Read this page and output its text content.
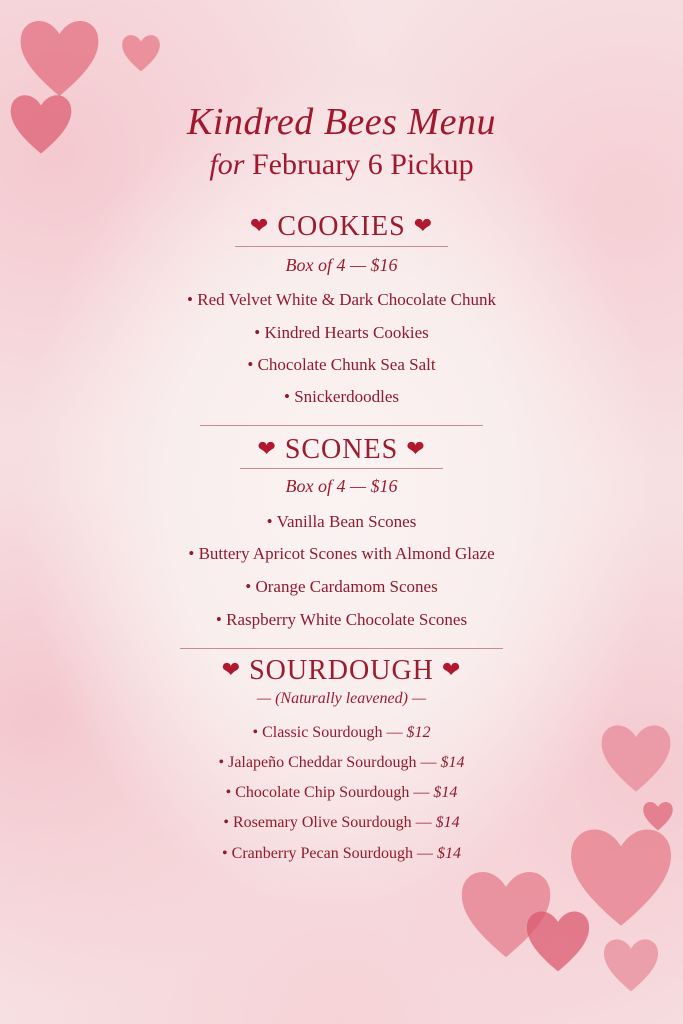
Kindred Bees Menu
for February 6 Pickup
❤ COOKIES ❤
Box of 4 — $16
• Red Velvet White & Dark Chocolate Chunk
• Kindred Hearts Cookies
• Chocolate Chunk Sea Salt
• Snickerdoodles
❤ SCONES ❤
Box of 4 — $16
• Vanilla Bean Scones
• Buttery Apricot Scones with Almond Glaze
• Orange Cardamom Scones
• Raspberry White Chocolate Scones
❤ SOURDOUGH ❤
— (Naturally leavened) —
• Classic Sourdough — $12
• Jalapeño Cheddar Sourdough — $14
• Chocolate Chip Sourdough — $14
• Rosemary Olive Sourdough — $14
• Cranberry Pecan Sourdough — $14
